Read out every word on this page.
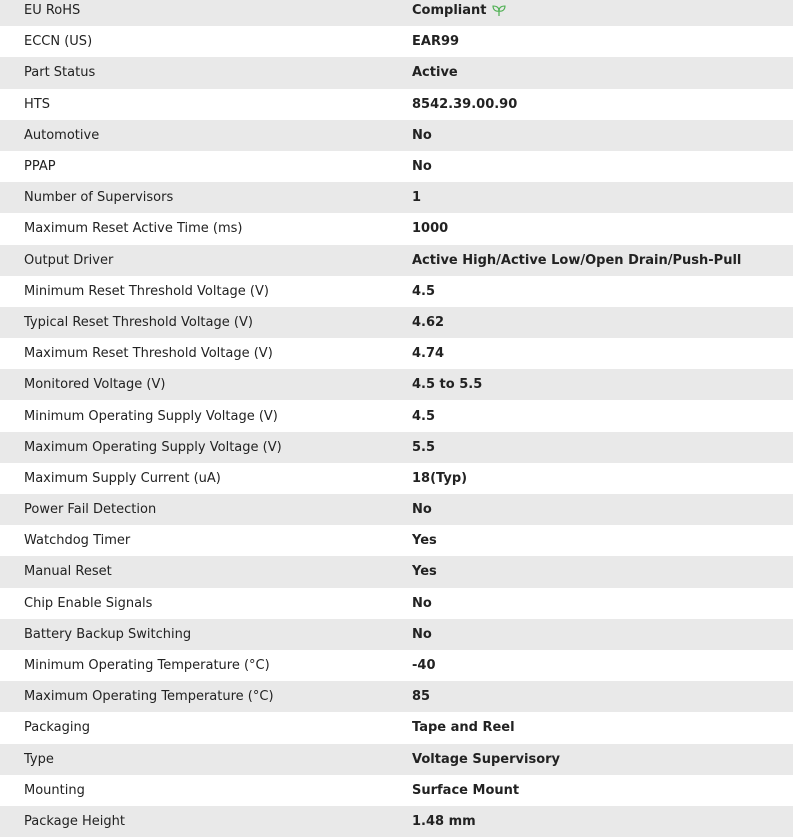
EU RoHS	Compliant
ECCN (US)	EAR99
Part Status	Active
HTS	8542.39.00.90
Automotive	No
PPAP	No
Number of Supervisors	1
Maximum Reset Active Time (ms)	1000
Output Driver	Active High/Active Low/Open Drain/Push-Pull
Minimum Reset Threshold Voltage (V)	4.5
Typical Reset Threshold Voltage (V)	4.62
Maximum Reset Threshold Voltage (V)	4.74
Monitored Voltage (V)	4.5 to 5.5
Minimum Operating Supply Voltage (V)	4.5
Maximum Operating Supply Voltage (V)	5.5
Maximum Supply Current (uA)	18(Typ)
Power Fail Detection	No
Watchdog Timer	Yes
Manual Reset	Yes
Chip Enable Signals	No
Battery Backup Switching	No
Minimum Operating Temperature (°C)	-40
Maximum Operating Temperature (°C)	85
Packaging	Tape and Reel
Type	Voltage Supervisory
Mounting	Surface Mount
Package Height	1.48 mm
